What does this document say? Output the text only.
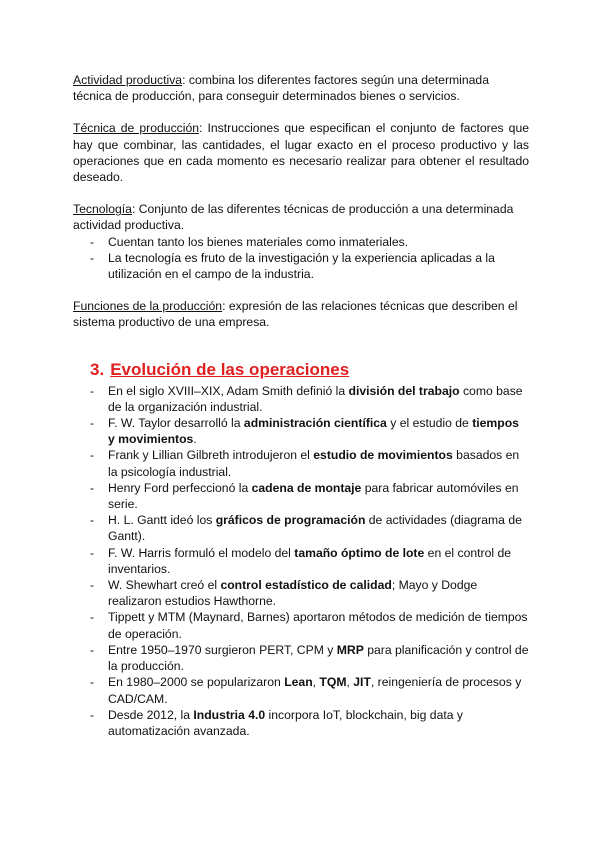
Actividad productiva: combina los diferentes factores según una determinada técnica de producción, para conseguir determinados bienes o servicios.

Técnica de producción: Instrucciones que especifican el conjunto de factores que hay que combinar, las cantidades, el lugar exacto en el proceso productivo y las operaciones que en cada momento es necesario realizar para obtener el resultado deseado.

Tecnología: Conjunto de las diferentes técnicas de producción a una determinada actividad productiva.

- Cuentan tanto los bienes materiales como inmateriales.
- La tecnología es fruto de la investigación y la experiencia aplicadas a la utilización en el campo de la industria.

Funciones de la producción: expresión de las relaciones técnicas que describen el sistema productivo de una empresa.

3. Evolución de las operaciones
- En el siglo XVIII–XIX, Adam Smith definió la división del trabajo como base de la organización industrial.
- F. W. Taylor desarrolló la administración científica y el estudio de tiempos y movimientos.
- Frank y Lillian Gilbreth introdujeron el estudio de movimientos basados en la psicología industrial.
- Henry Ford perfeccionó la cadena de montaje para fabricar automóviles en serie.
- H. L. Gantt ideó los gráficos de programación de actividades (diagrama de Gantt).
- F. W. Harris formuló el modelo del tamaño óptimo de lote en el control de inventarios.
- W. Shewhart creó el control estadístico de calidad; Mayo y Dodge realizaron estudios Hawthorne.
- Tippett y MTM (Maynard, Barnes) aportaron métodos de medición de tiempos de operación.
- Entre 1950–1970 surgieron PERT, CPM y MRP para planificación y control de la producción.
- En 1980–2000 se popularizaron Lean, TQM, JIT, reingeniería de procesos y CAD/CAM.
- Desde 2012, la Industria 4.0 incorpora IoT, blockchain, big data y automatización avanzada.
